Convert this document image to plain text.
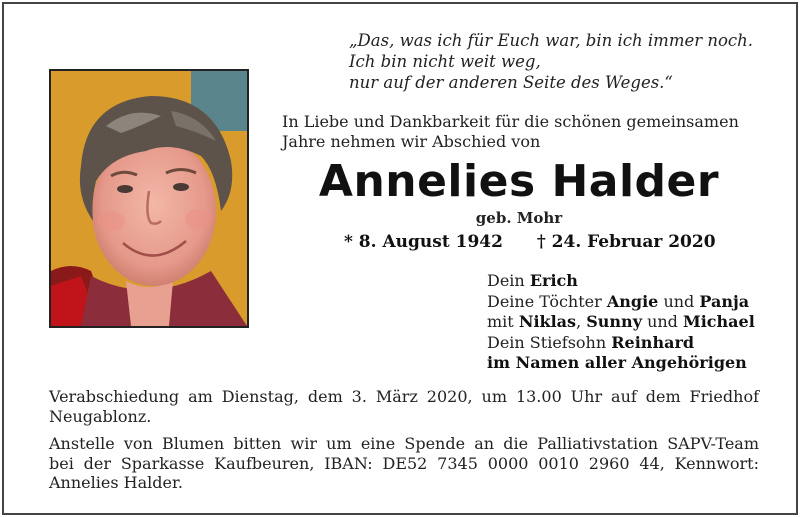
„Das, was ich für Euch war, bin ich immer noch.
Ich bin nicht weit weg,
nur auf der anderen Seite des Weges.“
In Liebe und Dankbarkeit für die schönen gemeinsamen
Jahre nehmen wir Abschied von
Annelies Halder
geb. Mohr
* 8. August 1942 † 24. Februar 2020
Dein Erich
Deine Töchter Angie und Panja
mit Niklas, Sunny und Michael
Dein Stiefsohn Reinhard
im Namen aller Angehörigen
Verabschiedung am Dienstag, dem 3. März 2020, um 13.00 Uhr auf dem Friedhof
Neugablonz.
Anstelle von Blumen bitten wir um eine Spende an die Palliativstation SAPV-Team
bei der Sparkasse Kaufbeuren, IBAN: DE52 7345 0000 0010 2960 44, Kennwort:
Annelies Halder.
